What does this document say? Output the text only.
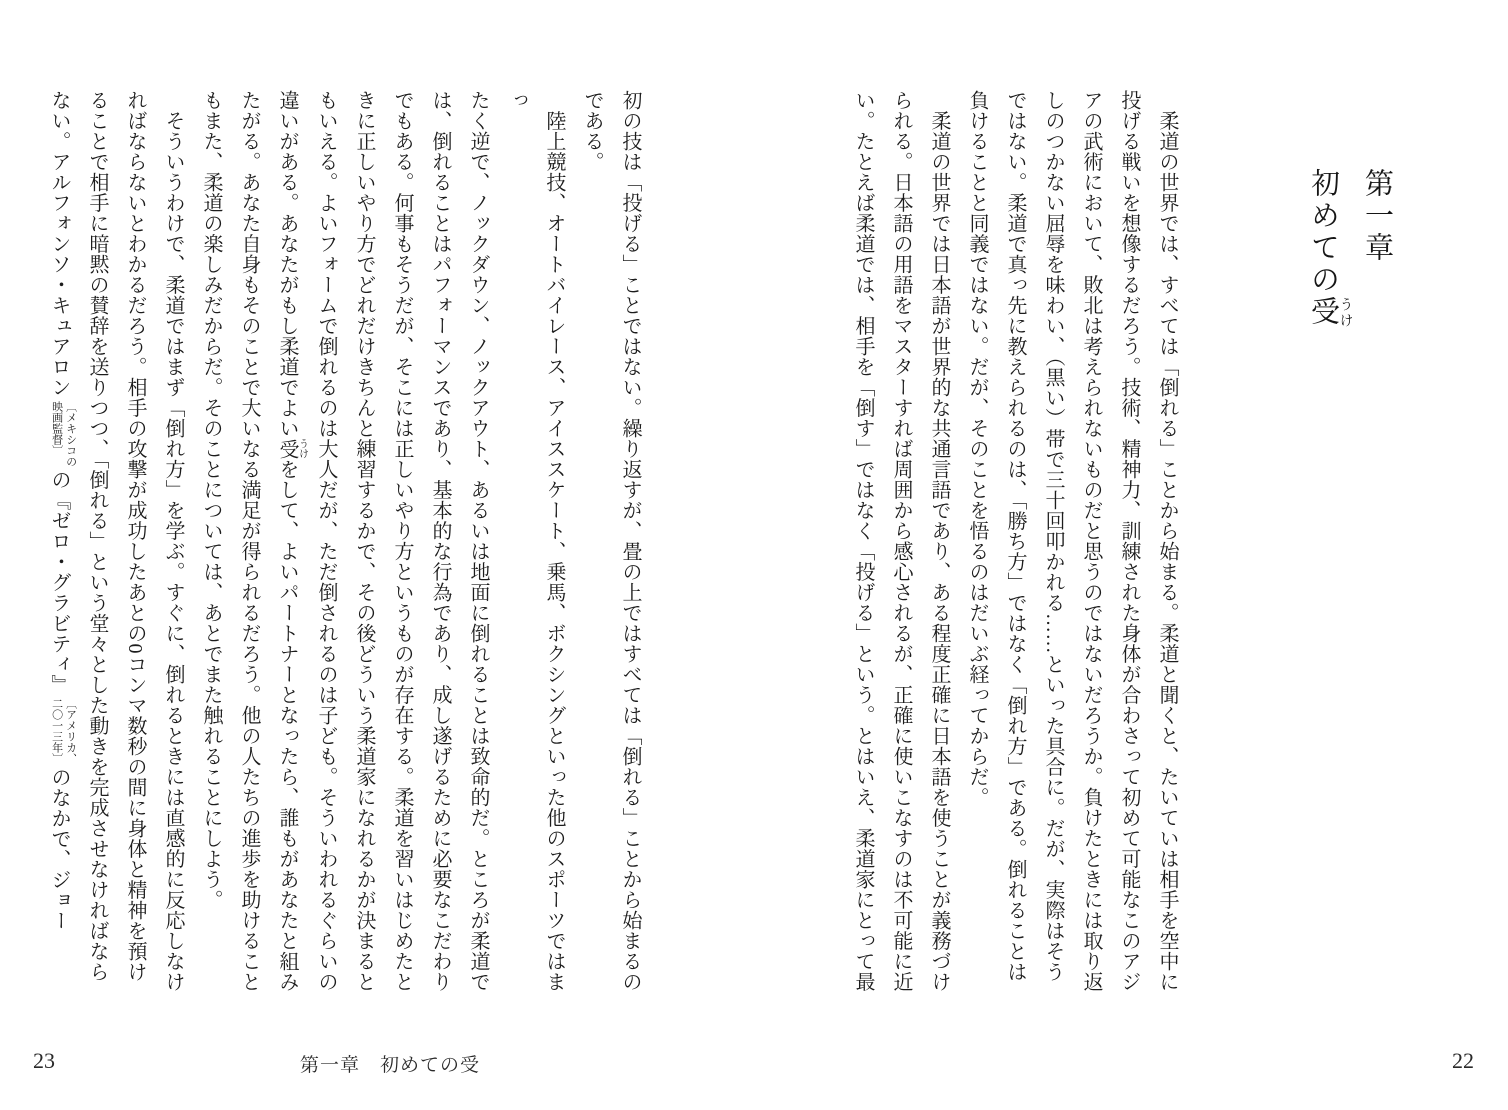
第一章
初めての受うけ
　柔道の世界では、すべては「倒れる」ことから始まる。柔道と聞くと、たいていは相手を空中に
投げる戦いを想像するだろう。技術、精神力、訓練された身体が合わさって初めて可能なこのアジ
アの武術において、敗北は考えられないものだと思うのではないだろうか。負けたときには取り返
しのつかない屈辱を味わい、（黒い）帯で三十回叩かれる……といった具合に。だが、実際はそう
ではない。柔道で真っ先に教えられるのは、「勝ち方」ではなく「倒れ方」である。倒れることは
負けることと同義ではない。だが、そのことを悟るのはだいぶ経ってからだ。
　柔道の世界では日本語が世界的な共通言語であり、ある程度正確に日本語を使うことが義務づけ
られる。日本語の用語をマスターすれば周囲から感心されるが、正確に使いこなすのは不可能に近
い。たとえば柔道では、相手を「倒す」ではなく「投げる」という。とはいえ、柔道家にとって最
22
初の技は「投げる」ことではない。繰り返すが、畳の上ではすべては「倒れる」ことから始まるの
である。
　陸上競技、オートバイレース、アイススケート、乗馬、ボクシングといった他のスポーツではまっ
たく逆で、ノックダウン、ノックアウト、あるいは地面に倒れることは致命的だ。ところが柔道で
は、倒れることはパフォーマンスであり、基本的な行為であり、成し遂げるために必要なこだわり
でもある。何事もそうだが、そこには正しいやり方というものが存在する。柔道を習いはじめたと
きに正しいやり方でどれだけきちんと練習するかで、その後どういう柔道家になれるかが決まると
もいえる。よいフォームで倒れるのは大人だが、ただ倒されるのは子ども。そういわれるぐらいの
違いがある。あなたがもし柔道でよい受うけをして、よいパートナーとなったら、誰もがあなたと組み
たがる。あなた自身もそのことで大いなる満足が得られるだろう。他の人たちの進歩を助けること
もまた、柔道の楽しみだからだ。そのことについては、あとでまた触れることにしよう。
　そういうわけで、柔道ではまず「倒れ方」を学ぶ。すぐに、倒れるときには直感的に反応しなけ
ればならないとわかるだろう。相手の攻撃が成功したあとの0コンマ数秒の間に身体と精神を預け
ることで相手に暗黙の賛辞を送りつつ、「倒れる」という堂々とした動きを完成させなければなら
ない。アルフォンソ・キュアロン
〔メキシコの
映画監督〕
の『ゼロ・グラビティ』
〔アメリカ、
二〇一三年〕
のなかで、ジョー
第一章　初めての受
23
